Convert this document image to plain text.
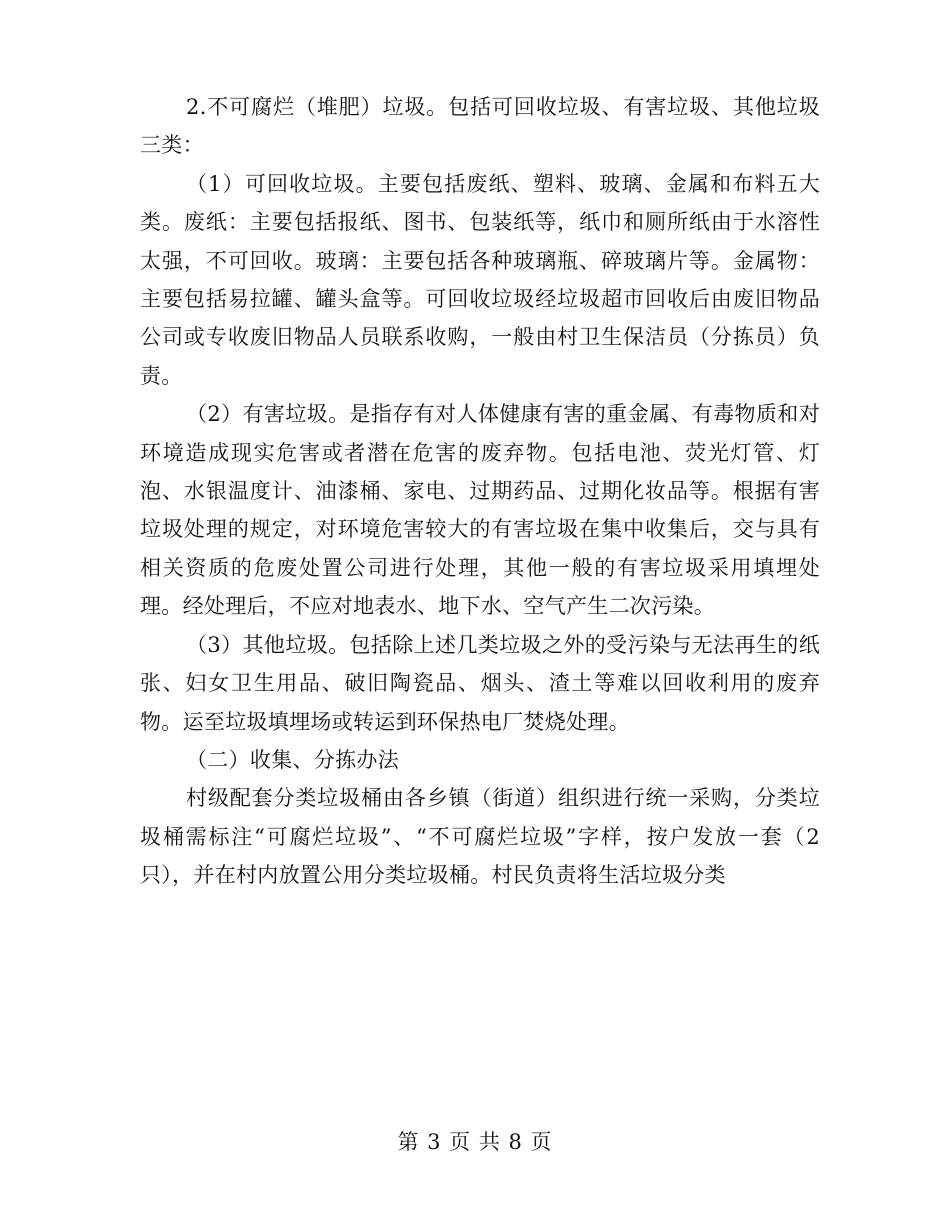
2.不可腐烂（堆肥）垃圾。包括可回收垃圾、有害垃圾、其他垃圾三类：

（1）可回收垃圾。主要包括废纸、塑料、玻璃、金属和布料五大类。废纸：主要包括报纸、图书、包装纸等，纸巾和厕所纸由于水溶性太强，不可回收。玻璃：主要包括各种玻璃瓶、碎玻璃片等。金属物：主要包括易拉罐、罐头盒等。可回收垃圾经垃圾超市回收后由废旧物品公司或专收废旧物品人员联系收购，一般由村卫生保洁员（分拣员）负责。

（2）有害垃圾。是指存有对人体健康有害的重金属、有毒物质和对环境造成现实危害或者潜在危害的废弃物。包括电池、荧光灯管、灯泡、水银温度计、油漆桶、家电、过期药品、过期化妆品等。根据有害垃圾处理的规定，对环境危害较大的有害垃圾在集中收集后，交与具有相关资质的危废处置公司进行处理，其他一般的有害垃圾采用填埋处理。经处理后，不应对地表水、地下水、空气产生二次污染。

（3）其他垃圾。包括除上述几类垃圾之外的受污染与无法再生的纸张、妇女卫生用品、破旧陶瓷品、烟头、渣土等难以回收利用的废弃物。运至垃圾填埋场或转运到环保热电厂焚烧处理。

（二）收集、分拣办法

村级配套分类垃圾桶由各乡镇（街道）组织进行统一采购，分类垃圾桶需标注“可腐烂垃圾”、“不可腐烂垃圾”字样，按户发放一套（2只），并在村内放置公用分类垃圾桶。村民负责将生活垃圾分类

第 3 页 共 8 页
